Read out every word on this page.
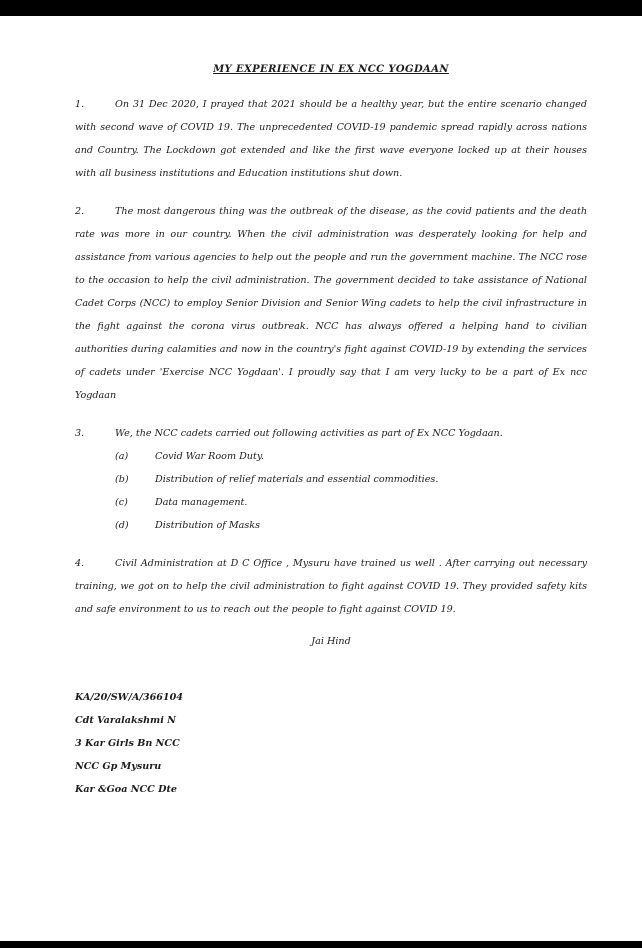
MY EXPERIENCE IN EX NCC YOGDAAN
1.	On 31 Dec 2020, I prayed that 2021 should be a healthy year, but the entire scenario changed with second wave of COVID 19. The unprecedented COVID-19 pandemic spread rapidly across nations and Country. The Lockdown got extended and like the first wave everyone locked up at their houses with all business institutions and Education institutions shut down.
2.	The most dangerous thing was the outbreak of the disease, as the covid patients and the death rate was more in our country. When the civil administration was desperately looking for help and assistance from various agencies to help out the people and run the government machine. The NCC rose to the occasion to help the civil administration. The government decided to take assistance of National Cadet Corps (NCC) to employ Senior Division and Senior Wing cadets to help the civil infrastructure in the fight against the corona virus outbreak. NCC has always offered a helping hand to civilian authorities during calamities and now in the country's fight against COVID-19 by extending the services of cadets under 'Exercise NCC Yogdaan'. I proudly say that I am very lucky to be a part of Ex ncc Yogdaan
3.	We, the NCC cadets carried out following activities as part of Ex NCC Yogdaan.
(a)	Covid War Room Duty.
(b)	Distribution of relief materials and essential commodities.
(c)	Data management.
(d)	Distribution of Masks
4.	Civil Administration at D C Office , Mysuru have trained us well . After carrying out necessary training, we got on to help the civil administration to fight against COVID 19. They provided safety kits and safe environment to us to reach out the people to fight against COVID 19.
Jai Hind
KA/20/SW/A/366104
Cdt Varalakshmi N
3 Kar Girls Bn NCC
NCC Gp Mysuru
Kar &Goa NCC Dte
